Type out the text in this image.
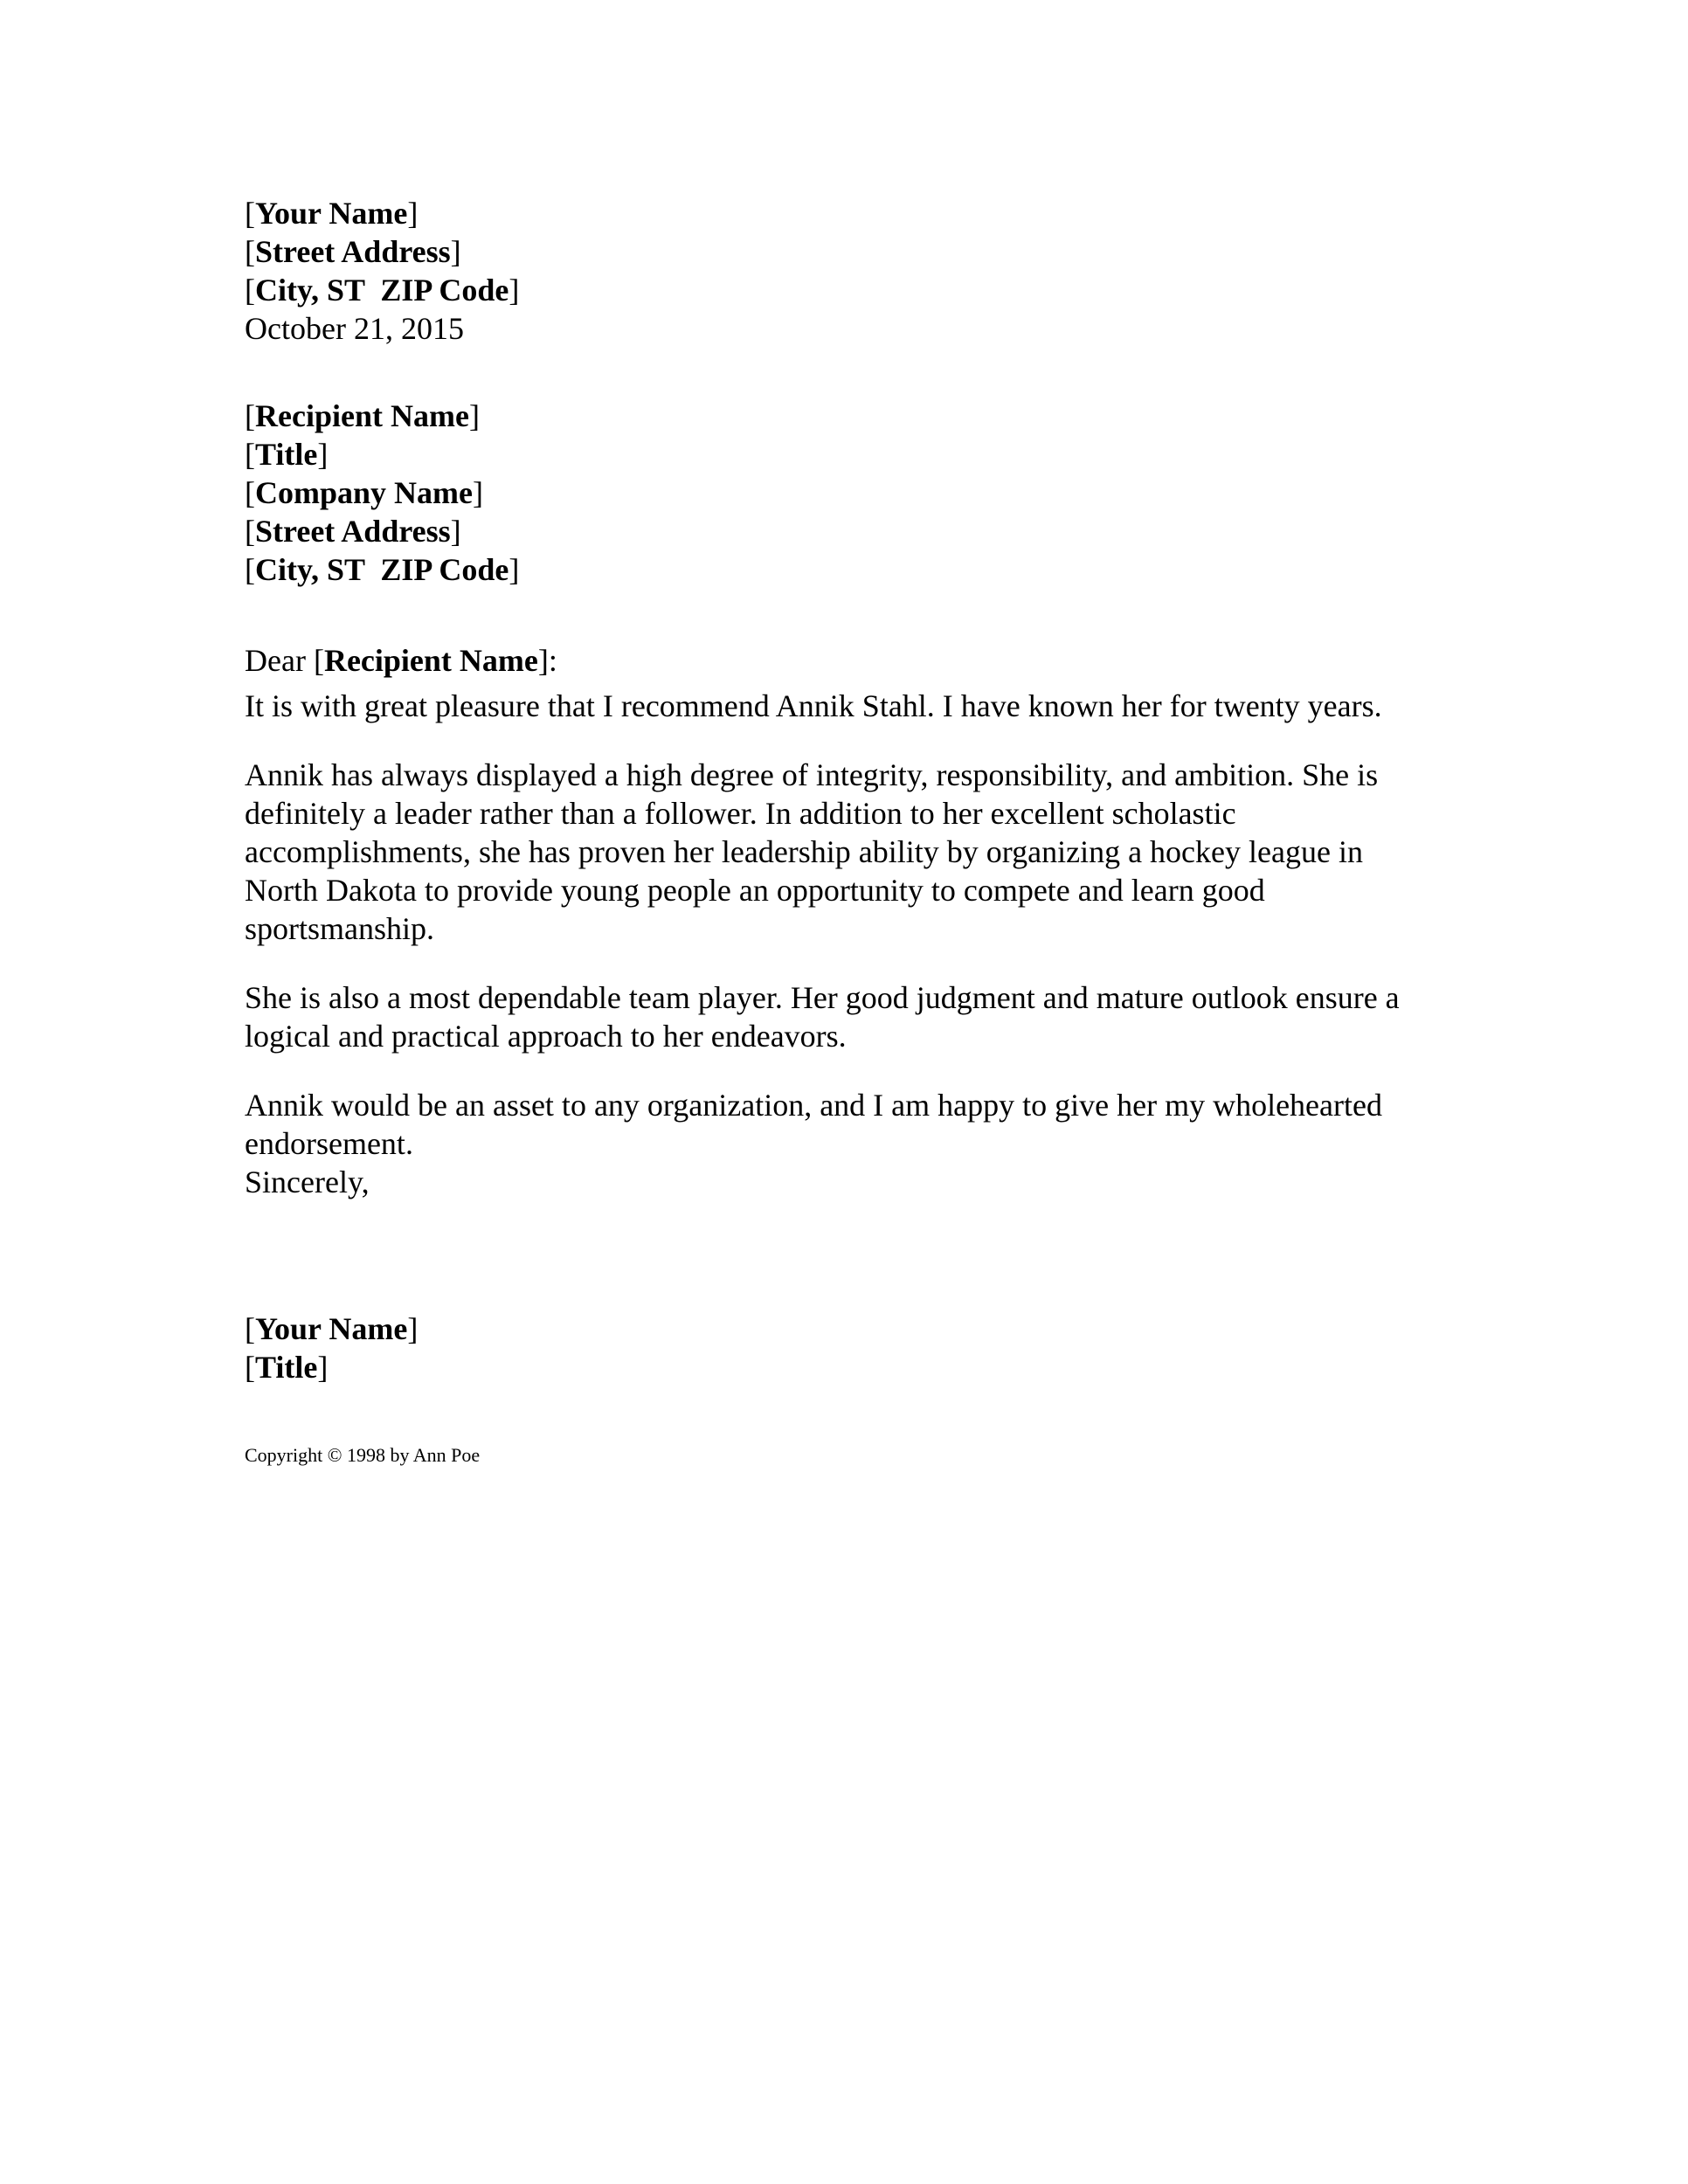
[Your Name]
[Street Address]
[City, ST  ZIP Code]
October 21, 2015
[Recipient Name]
[Title]
[Company Name]
[Street Address]
[City, ST  ZIP Code]
Dear [Recipient Name]:

It is with great pleasure that I recommend Annik Stahl. I have known her for twenty years.

Annik has always displayed a high degree of integrity, responsibility, and ambition. She is definitely a leader rather than a follower. In addition to her excellent scholastic accomplishments, she has proven her leadership ability by organizing a hockey league in North Dakota to provide young people an opportunity to compete and learn good sportsmanship.

She is also a most dependable team player. Her good judgment and mature outlook ensure a logical and practical approach to her endeavors.

Annik would be an asset to any organization, and I am happy to give her my wholehearted endorsement.

Sincerely,
[Your Name]
[Title]
Copyright © 1998 by Ann Poe
